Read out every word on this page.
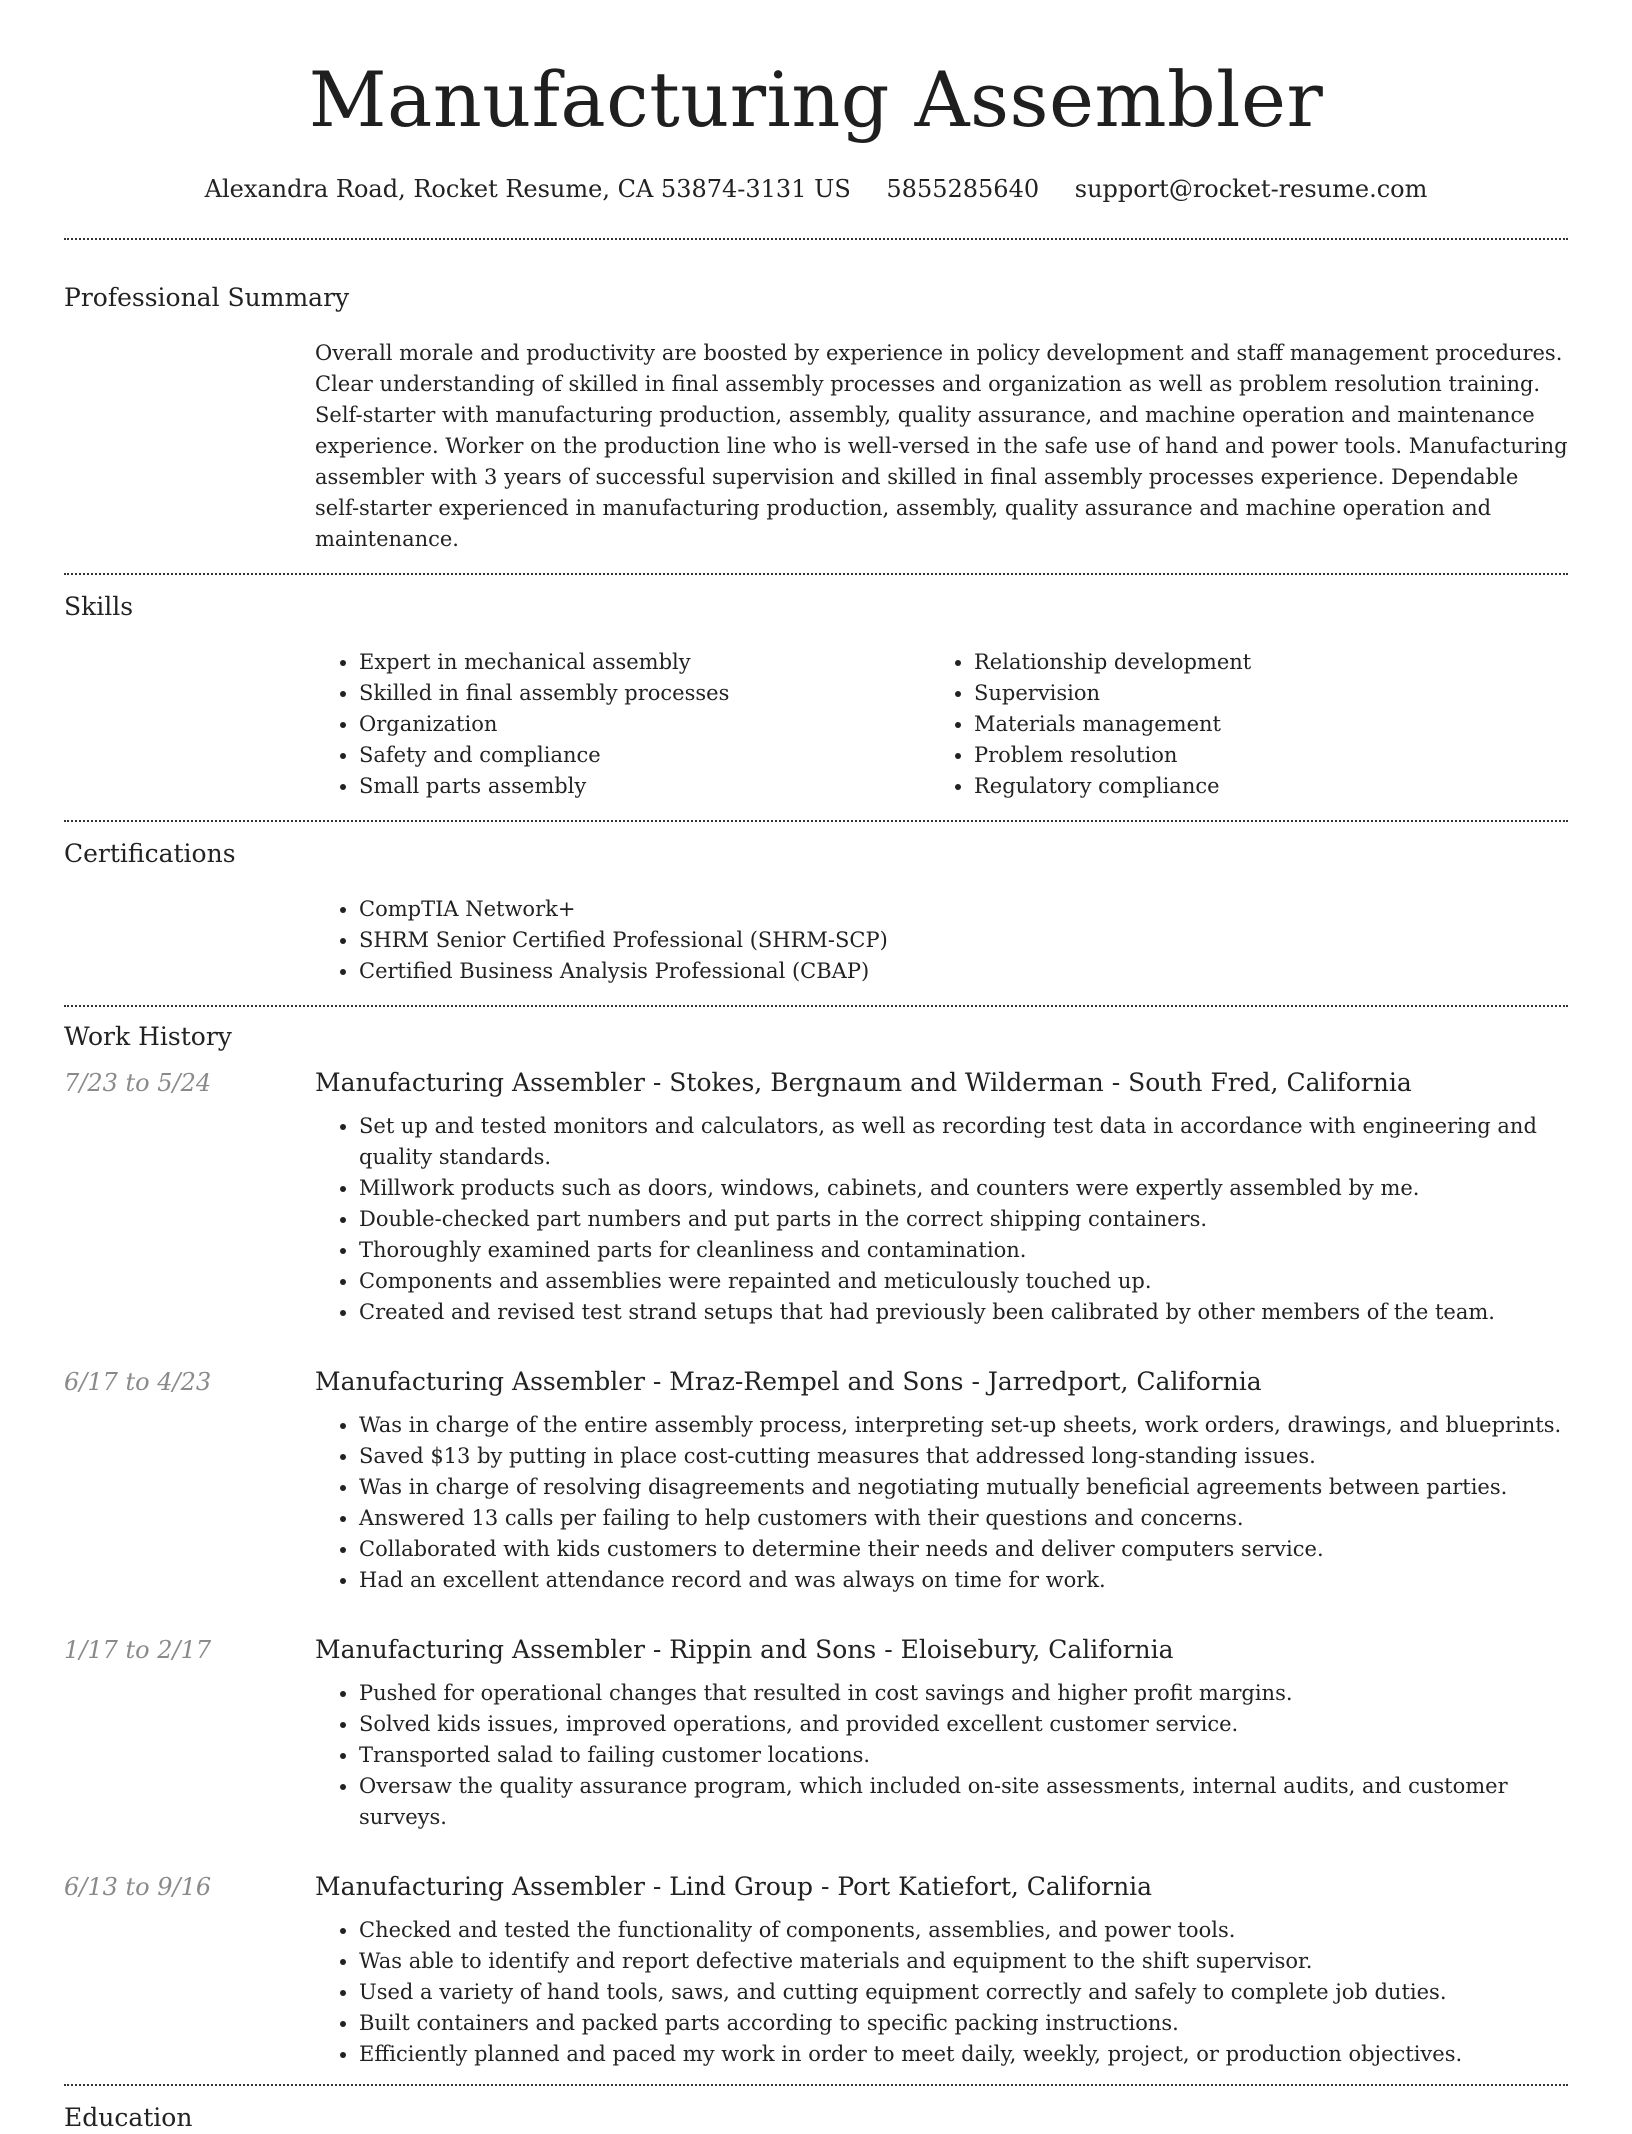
Manufacturing Assembler
Alexandra Road, Rocket Resume, CA 53874-3131 US 5855285640 support@rocket-resume.com
Professional Summary
Overall morale and productivity are boosted by experience in policy development and staff management procedures. Clear understanding of skilled in final assembly processes and organization as well as problem resolution training. Self-starter with manufacturing production, assembly, quality assurance, and machine operation and maintenance experience. Worker on the production line who is well-versed in the safe use of hand and power tools. Manufacturing assembler with 3 years of successful supervision and skilled in final assembly processes experience. Dependable self-starter experienced in manufacturing production, assembly, quality assurance and machine operation and maintenance.
Skills
• Expert in mechanical assembly
• Skilled in final assembly processes
• Organization
• Safety and compliance
• Small parts assembly
• Relationship development
• Supervision
• Materials management
• Problem resolution
• Regulatory compliance
Certifications
• CompTIA Network+
• SHRM Senior Certified Professional (SHRM-SCP)
• Certified Business Analysis Professional (CBAP)
Work History
7/23 to 5/24	Manufacturing Assembler - Stokes, Bergnaum and Wilderman - South Fred, California
• Set up and tested monitors and calculators, as well as recording test data in accordance with engineering and quality standards.
• Millwork products such as doors, windows, cabinets, and counters were expertly assembled by me.
• Double-checked part numbers and put parts in the correct shipping containers.
• Thoroughly examined parts for cleanliness and contamination.
• Components and assemblies were repainted and meticulously touched up.
• Created and revised test strand setups that had previously been calibrated by other members of the team.
6/17 to 4/23	Manufacturing Assembler - Mraz-Rempel and Sons - Jarredport, California
• Was in charge of the entire assembly process, interpreting set-up sheets, work orders, drawings, and blueprints.
• Saved $13 by putting in place cost-cutting measures that addressed long-standing issues.
• Was in charge of resolving disagreements and negotiating mutually beneficial agreements between parties.
• Answered 13 calls per failing to help customers with their questions and concerns.
• Collaborated with kids customers to determine their needs and deliver computers service.
• Had an excellent attendance record and was always on time for work.
1/17 to 2/17	Manufacturing Assembler - Rippin and Sons - Eloisebury, California
• Pushed for operational changes that resulted in cost savings and higher profit margins.
• Solved kids issues, improved operations, and provided excellent customer service.
• Transported salad to failing customer locations.
• Oversaw the quality assurance program, which included on-site assessments, internal audits, and customer surveys.
6/13 to 9/16	Manufacturing Assembler - Lind Group - Port Katiefort, California
• Checked and tested the functionality of components, assemblies, and power tools.
• Was able to identify and report defective materials and equipment to the shift supervisor.
• Used a variety of hand tools, saws, and cutting equipment correctly and safely to complete job duties.
• Built containers and packed parts according to specific packing instructions.
• Efficiently planned and paced my work in order to meet daily, weekly, project, or production objectives.
Education
